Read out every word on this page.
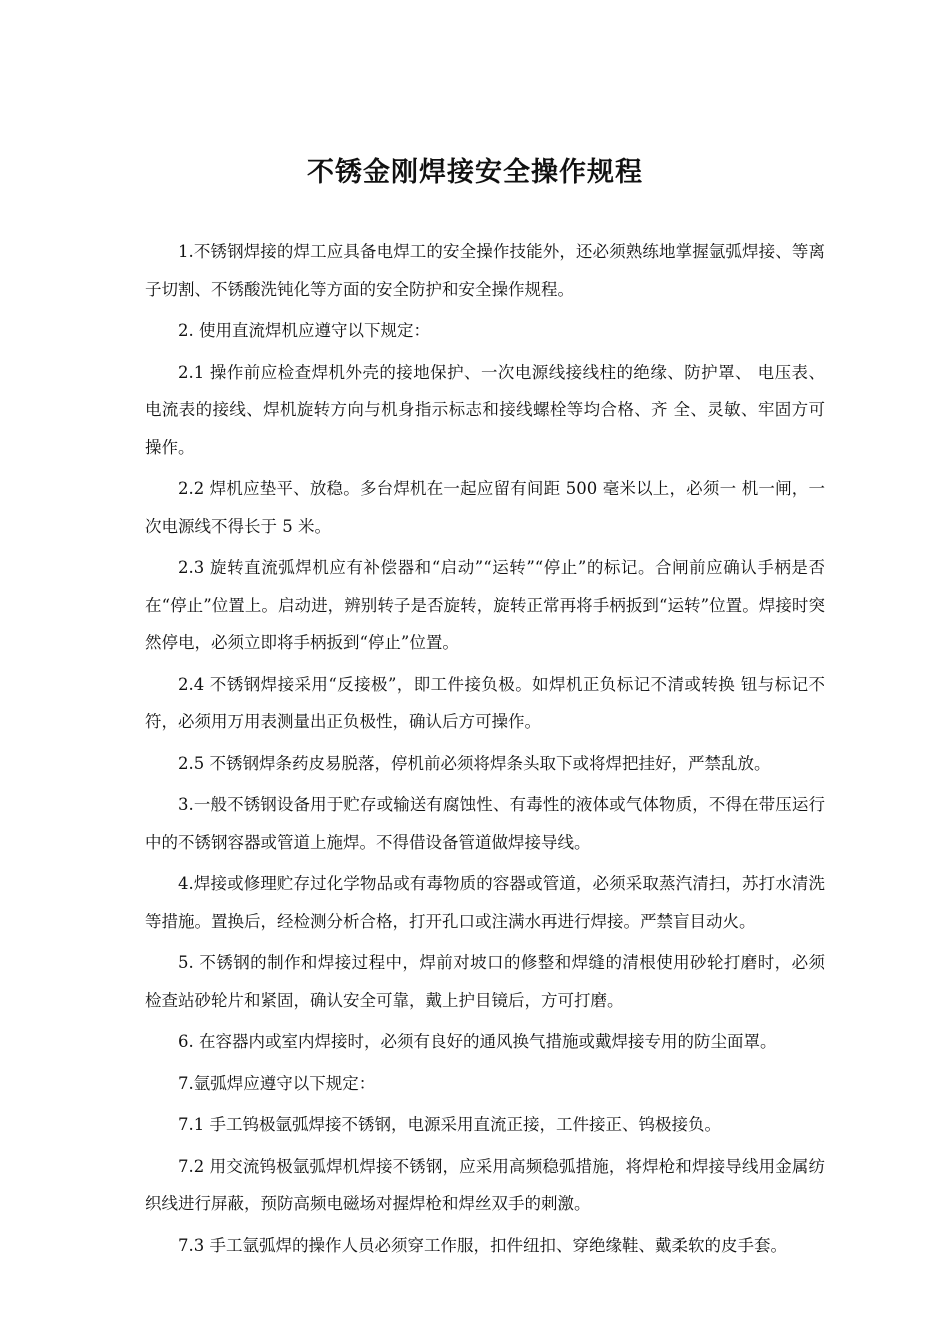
不锈金刚焊接安全操作规程

1.不锈钢焊接的焊工应具备电焊工的安全操作技能外，还必须熟练地掌握氩弧焊接、等离子切割、不锈酸洗钝化等方面的安全防护和安全操作规程。

2. 使用直流焊机应遵守以下规定：

2.1 操作前应检查焊机外壳的接地保护、一次电源线接线柱的绝缘、防护罩、 电压表、电流表的接线、焊机旋转方向与机身指示标志和接线螺栓等均合格、齐 全、灵敏、牢固方可操作。

2.2 焊机应垫平、放稳。多台焊机在一起应留有间距 500 毫米以上，必须一 机一闸，一次电源线不得长于 5 米。

2.3 旋转直流弧焊机应有补偿器和“启动”“运转”“停止”的标记。合闸前应确认手柄是否在“停止”位置上。启动进，辨别转子是否旋转，旋转正常再将手柄扳到“运转”位置。焊接时突然停电，必须立即将手柄扳到“停止”位置。

2.4 不锈钢焊接采用“反接极”，即工件接负极。如焊机正负标记不清或转换 钮与标记不符，必须用万用表测量出正负极性，确认后方可操作。

2.5 不锈钢焊条药皮易脱落，停机前必须将焊条头取下或将焊把挂好，严禁乱放。

3.一般不锈钢设备用于贮存或输送有腐蚀性、有毒性的液体或气体物质，不得在带压运行中的不锈钢容器或管道上施焊。不得借设备管道做焊接导线。

4.焊接或修理贮存过化学物品或有毒物质的容器或管道，必须采取蒸汽清扫，苏打水清洗等措施。置换后，经检测分析合格，打开孔口或注满水再进行焊接。严禁盲目动火。

5. 不锈钢的制作和焊接过程中，焊前对坡口的修整和焊缝的清根使用砂轮打磨时，必须检查站砂轮片和紧固，确认安全可靠，戴上护目镜后，方可打磨。

6. 在容器内或室内焊接时，必须有良好的通风换气措施或戴焊接专用的防尘面罩。

7.氩弧焊应遵守以下规定：

7.1 手工钨极氩弧焊接不锈钢，电源采用直流正接，工件接正、钨极接负。

7.2 用交流钨极氩弧焊机焊接不锈钢，应采用高频稳弧措施，将焊枪和焊接导线用金属纺织线进行屏蔽，预防高频电磁场对握焊枪和焊丝双手的刺激。

7.3 手工氩弧焊的操作人员必须穿工作服，扣件纽扣、穿绝缘鞋、戴柔软的皮手套。
